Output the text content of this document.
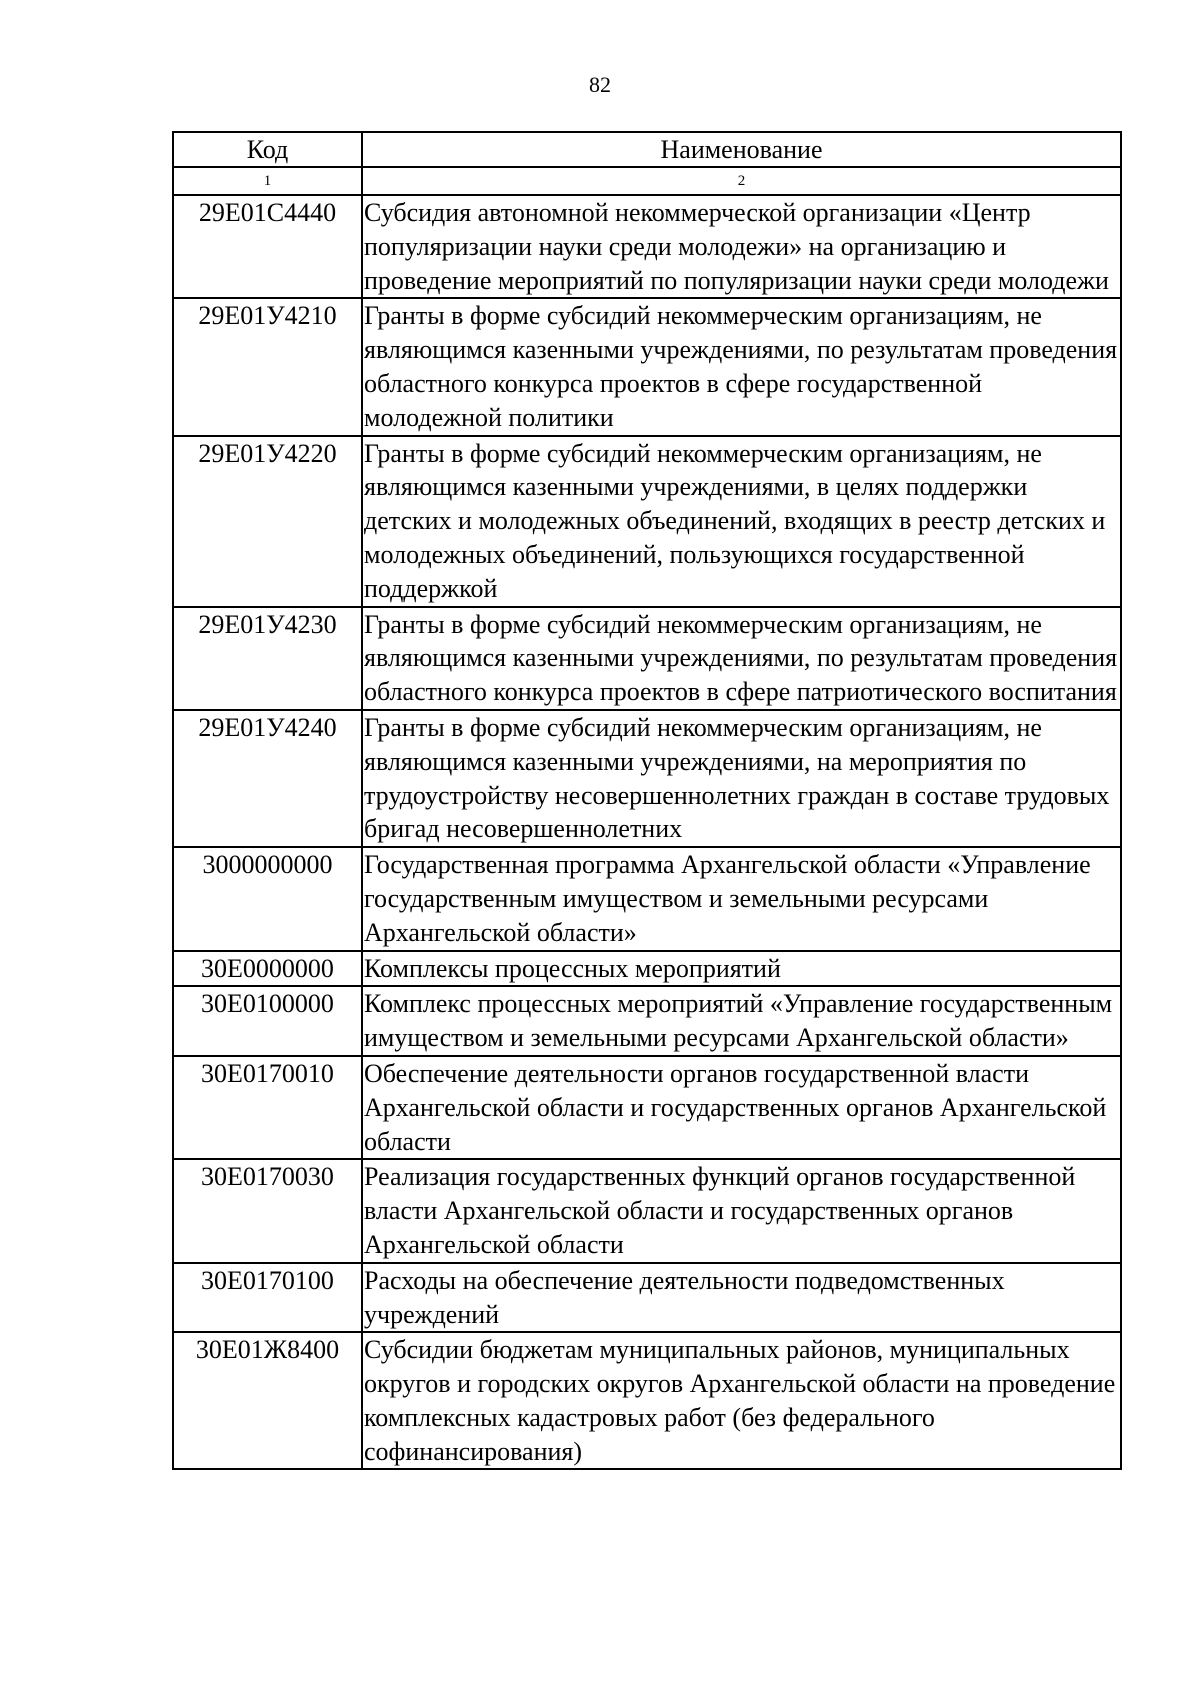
82
Код	Наименование
1	2
29Е01С4440	Субсидия автономной некоммерческой организации «Центр популяризации науки среди молодежи» на организацию и проведение мероприятий по популяризации науки среди молодежи
29Е01У4210	Гранты в форме субсидий некоммерческим организациям, не являющимся казенными учреждениями, по результатам проведения областного конкурса проектов в сфере государственной молодежной политики
29Е01У4220	Гранты в форме субсидий некоммерческим организациям, не являющимся казенными учреждениями, в целях поддержки детских и молодежных объединений, входящих в реестр детских и молодежных объединений, пользующихся государственной поддержкой
29Е01У4230	Гранты в форме субсидий некоммерческим организациям, не являющимся казенными учреждениями, по результатам проведения областного конкурса проектов в сфере патриотического воспитания
29Е01У4240	Гранты в форме субсидий некоммерческим организациям, не являющимся казенными учреждениями, на мероприятия по трудоустройству несовершеннолетних граждан в составе трудовых бригад несовершеннолетних
3000000000	Государственная программа Архангельской области «Управление государственным имуществом и земельными ресурсами Архангельской области»
30Е0000000	Комплексы процессных мероприятий
30Е0100000	Комплекс процессных мероприятий «Управление государственным имуществом и земельными ресурсами Архангельской области»
30Е0170010	Обеспечение деятельности органов государственной власти Архангельской области и государственных органов Архангельской области
30Е0170030	Реализация государственных функций органов государственной власти Архангельской области и государственных органов Архангельской области
30Е0170100	Расходы на обеспечение деятельности подведомственных учреждений
30Е01Ж8400	Субсидии бюджетам муниципальных районов, муниципальных округов и городских округов Архангельской области на проведение комплексных кадастровых работ (без федерального софинансирования)
